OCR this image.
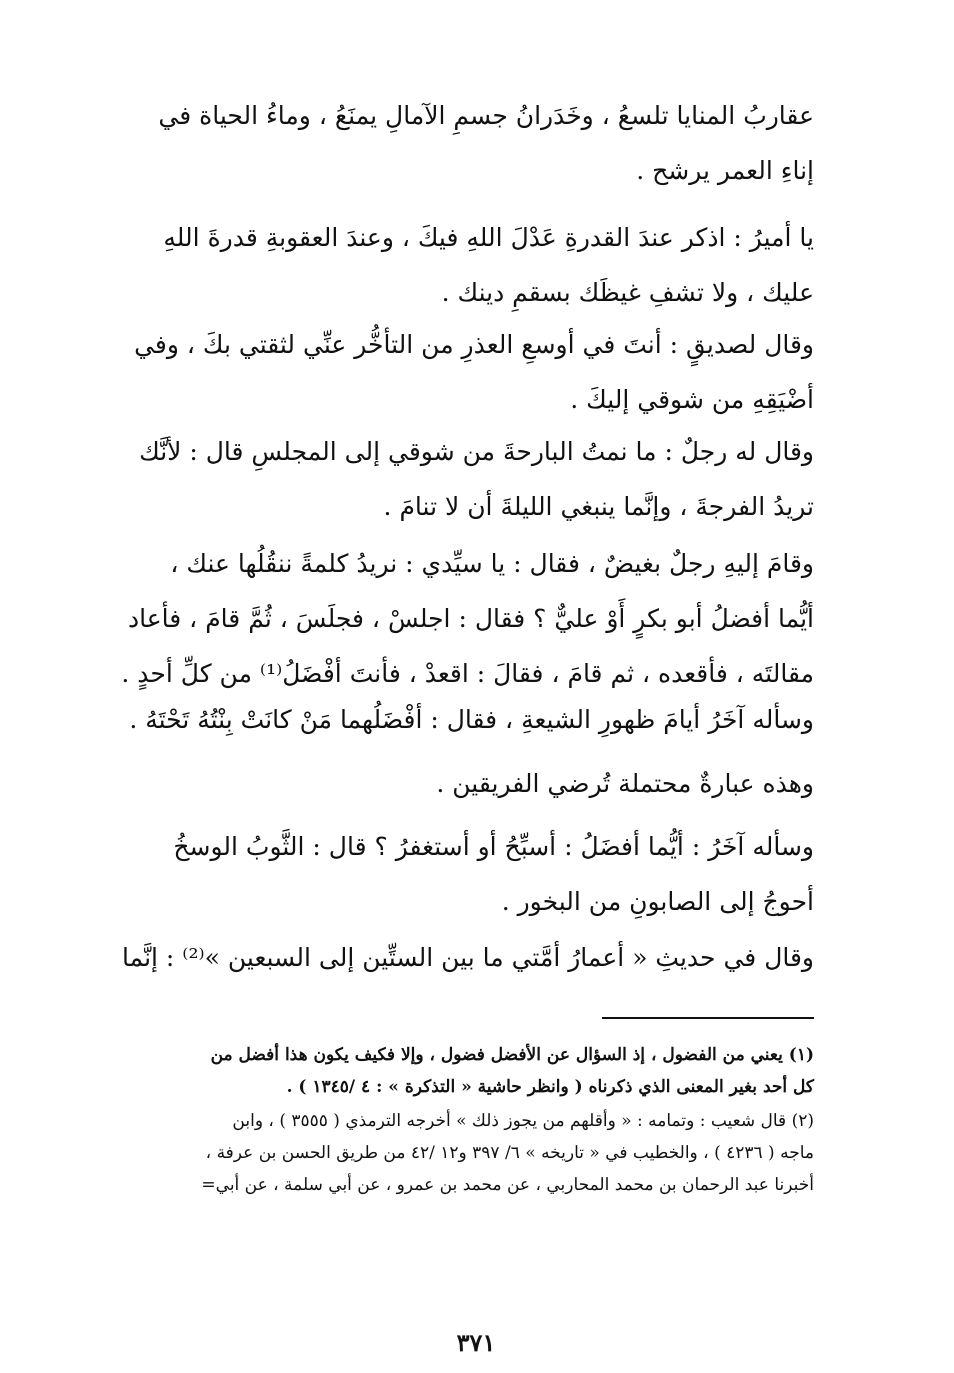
عقاربُ المنايا تلسعُ ، وخَدَرانُ جسمِ الآمالِ يمنَعُ ، وماءُ الحياة في
إناءِ العمر يرشح .

يا أميرُ : اذكر عندَ القدرةِ عَدْلَ اللهِ فيكَ ، وعندَ العقوبةِ قدرةَ اللهِ
عليك ، ولا تشفِ غيظَك بسقمِ دينك .

وقال لصديقٍ : أنتَ في أوسعِ العذرِ من التأخُّر عنِّي لثقتي بكَ ، وفي
أضْيَقِهِ من شوقي إليكَ .

وقال له رجلٌ : ما نمتُ البارحةَ من شوقي إلى المجلسِ قال : لأنَّك
تريدُ الفرجةَ ، وإنَّما ينبغي الليلةَ أن لا تنامَ .

وقامَ إليهِ رجلٌ بغيضٌ ، فقال : يا سيِّدي : نريدُ كلمةً ننقُلُها عنك ،
أيُّما أفضلُ أبو بكرٍ أَوْ عليٌّ ؟ فقال : اجلسْ ، فجلَسَ ، ثُمَّ قامَ ، فأعاد
مقالتَه ، فأقعده ، ثم قامَ ، فقالَ : اقعدْ ، فأنتَ أفْضَلُ⁽¹⁾ من كلِّ أحدٍ .

وسأله آخَرُ أيامَ ظهورِ الشيعةِ ، فقال : أفْضَلُهما مَنْ كانَتْ بِنْتُهُ تَحْتَهُ .

وهذه عبارةٌ محتملة تُرضي الفريقين .

وسأله آخَرُ : أيُّما أفضَلُ : أسبِّحُ أو أستغفرُ ؟ قال : الثَّوبُ الوسخُ
أحوجُ إلى الصابونِ من البخور .

وقال في حديثِ « أعمارُ أمَّتي ما بين الستِّين إلى السبعين »⁽²⁾ : إنَّما

(١) يعني من الفضول ، إذ السؤال عن الأفضل فضول ، وإلا فكيف يكون هذا أفضل من
كل أحد بغير المعنى الذي ذكرناه ( وانظر حاشية « التذكرة » : ٤ /١٣٤٥ ) .

(٢) قال شعيب : وتمامه : « وأقلهم من يجوز ذلك » أخرجه الترمذي ( ٣٥٥٥ ) ، وابن
ماجه ( ٤٢٣٦ ) ، والخطيب في « تاريخه » ٦/ ٣٩٧ و١٢ /٤٢ من طريق الحسن بن عرفة ،
أخبرنا عبد الرحمان بن محمد المحاربي ، عن محمد بن عمرو ، عن أبي سلمة ، عن أبي=

٣٧١
